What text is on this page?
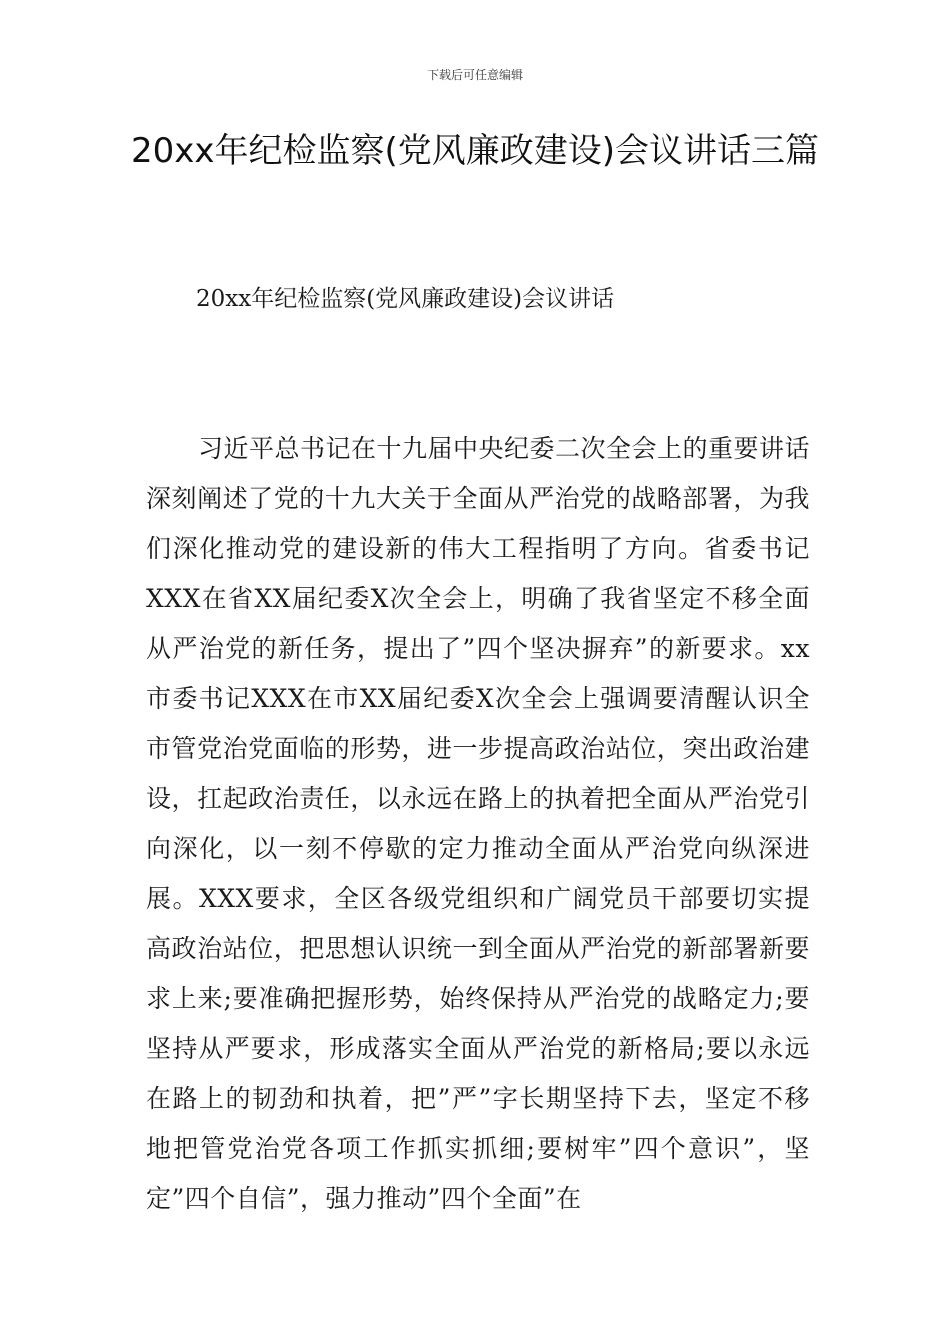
下载后可任意编辑
20xx年纪检监察(党风廉政建设)会议讲话三篇
20xx年纪检监察(党风廉政建设)会议讲话

习近平总书记在十九届中央纪委二次全会上的重要讲话深刻阐述了党的十九大关于全面从严治党的战略部署，为我们深化推动党的建设新的伟大工程指明了方向。省委书记XXX在省XX届纪委X次全会上，明确了我省坚定不移全面从严治党的新任务，提出了”四个坚决摒弃”的新要求。xx市委书记XXX在市XX届纪委X次全会上强调要清醒认识全市管党治党面临的形势，进一步提高政治站位，突出政治建设，扛起政治责任，以永远在路上的执着把全面从严治党引向深化，以一刻不停歇的定力推动全面从严治党向纵深进展。XXX要求，全区各级党组织和广阔党员干部要切实提高政治站位，把思想认识统一到全面从严治党的新部署新要求上来;要准确把握形势，始终保持从严治党的战略定力;要坚持从严要求，形成落实全面从严治党的新格局;要以永远在路上的韧劲和执着，把”严”字长期坚持下去，坚定不移地把管党治党各项工作抓实抓细;要树牢”四个意识”，坚定”四个自信”，强力推动”四个全面”在
